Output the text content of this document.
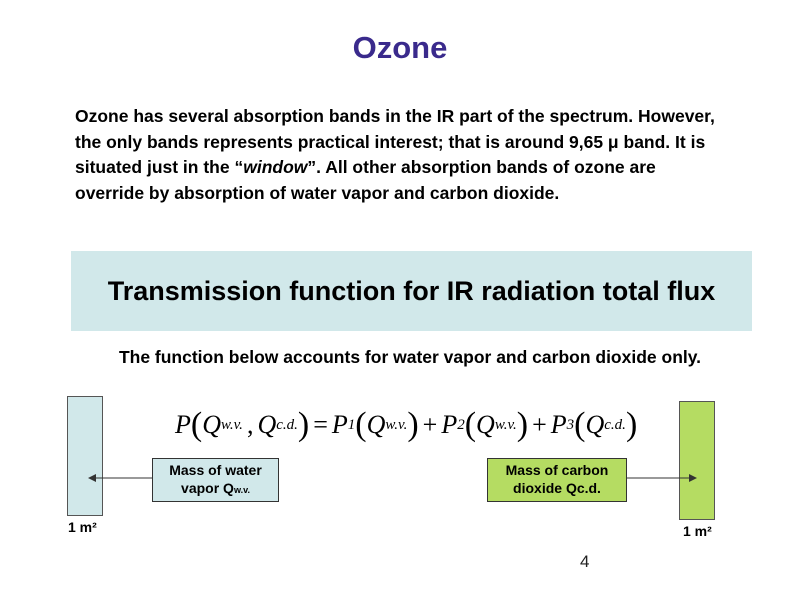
Ozone
Ozone has several absorption bands in the IR part of the spectrum. However, the only bands represents practical interest; that is around 9,65 μ band. It is situated just in the “window”. All other absorption bands of ozone are override by absorption of water vapor and carbon dioxide.
Transmission function for IR radiation total flux
The function below accounts for water vapor and carbon dioxide only.
P ( Q w.v. , Q c.d. ) = P 1 ( Q w.v. ) + P 2 ( Q w.v. ) + P 3 ( Q c.d. )
Mass of water
vapor Qw.v.
Mass of carbon
dioxide Qc.d.
1 m²	1 m²
4
